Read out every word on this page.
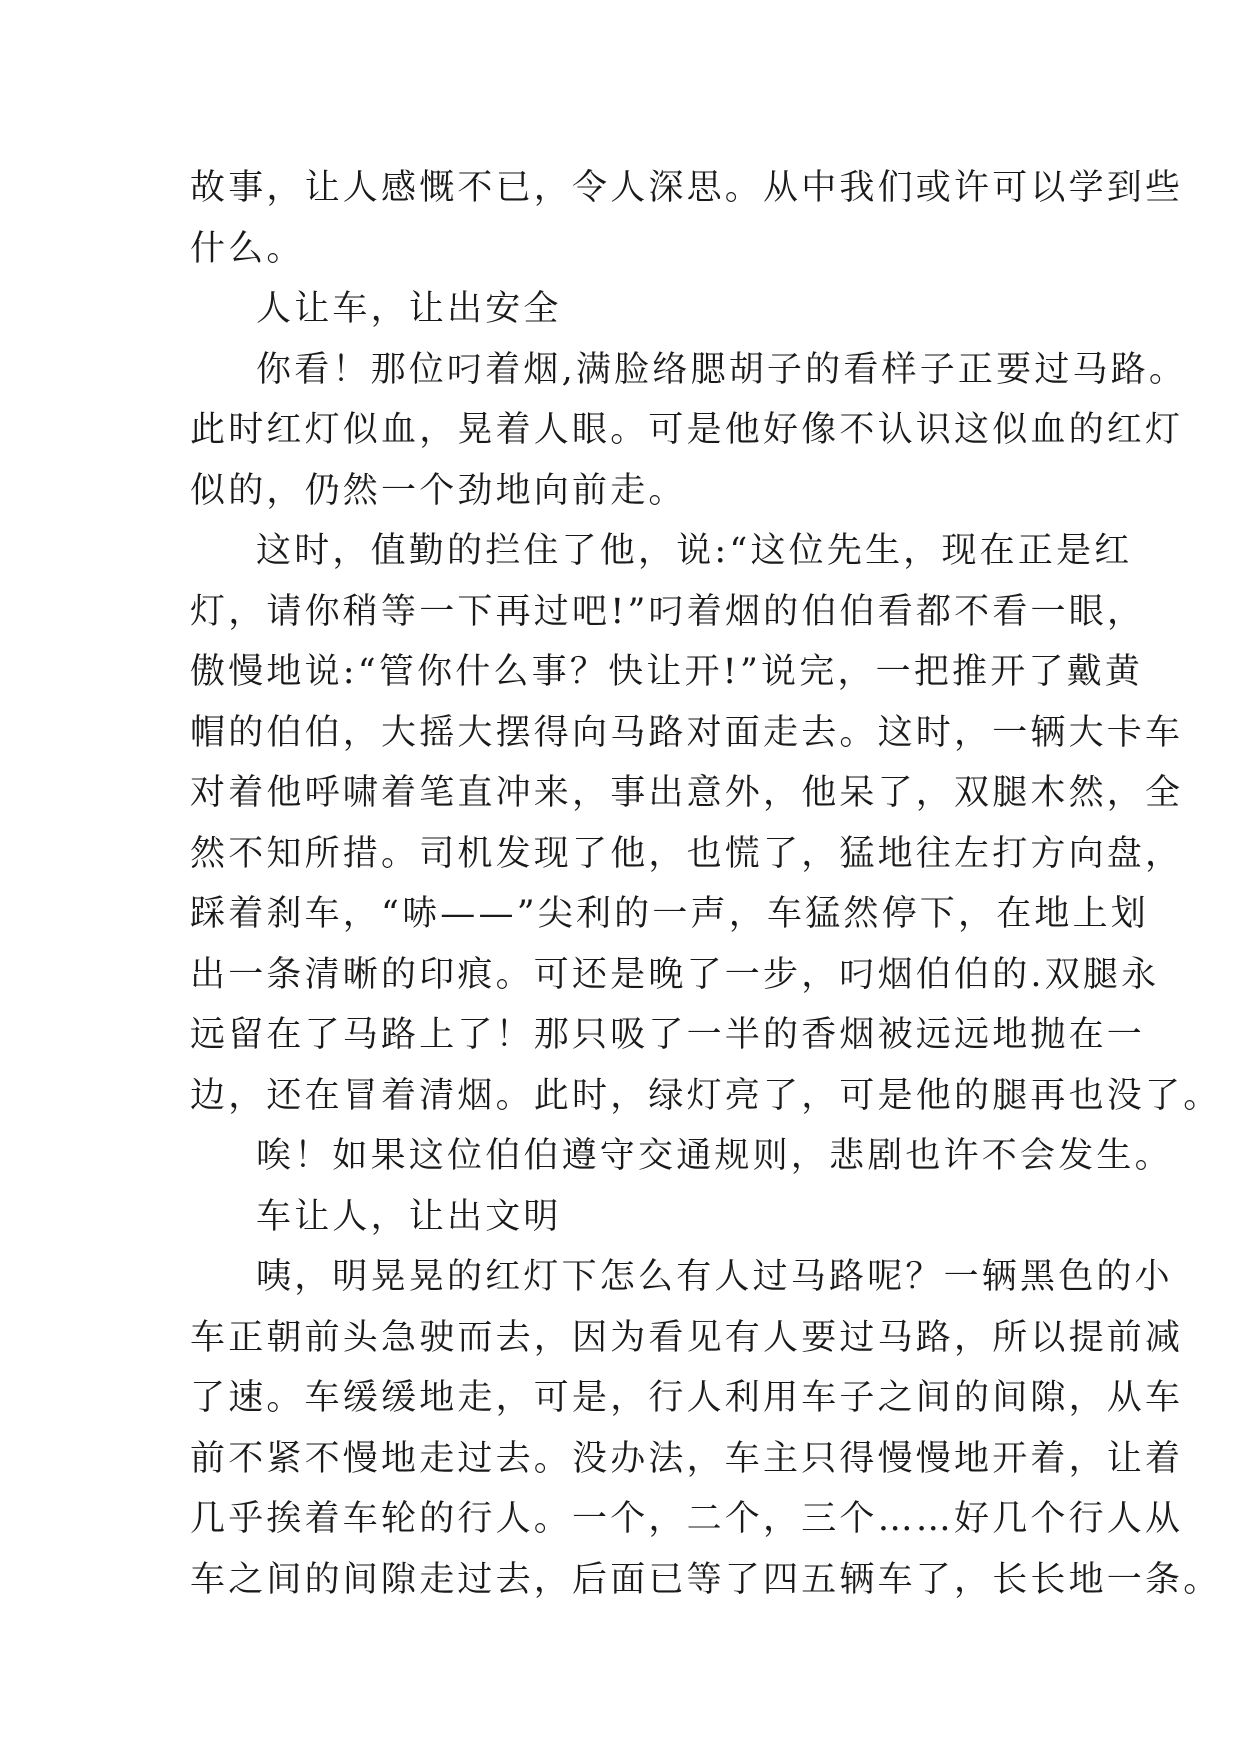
故事，让人感慨不已，令人深思。从中我们或许可以学到些
什么。
人让车，让出安全
你看！那位叼着烟,满脸络腮胡子的看样子正要过马路。
此时红灯似血，晃着人眼。可是他好像不认识这似血的红灯
似的，仍然一个劲地向前走。
这时，值勤的拦住了他，说:“这位先生，现在正是红
灯，请你稍等一下再过吧!”叼着烟的伯伯看都不看一眼，
傲慢地说:“管你什么事？快让开!”说完，一把推开了戴黄
帽的伯伯，大摇大摆得向马路对面走去。这时，一辆大卡车
对着他呼啸着笔直冲来，事出意外，他呆了，双腿木然，全
然不知所措。司机发现了他，也慌了，猛地往左打方向盘，
踩着刹车，“哧——”尖利的一声，车猛然停下，在地上划
出一条清晰的印痕。可还是晚了一步，叼烟伯伯的.双腿永
远留在了马路上了！那只吸了一半的香烟被远远地抛在一
边，还在冒着清烟。此时，绿灯亮了，可是他的腿再也没了。
唉！如果这位伯伯遵守交通规则，悲剧也许不会发生。
车让人，让出文明
咦，明晃晃的红灯下怎么有人过马路呢？一辆黑色的小
车正朝前头急驶而去，因为看见有人要过马路，所以提前减
了速。车缓缓地走，可是，行人利用车子之间的间隙，从车
前不紧不慢地走过去。没办法，车主只得慢慢地开着，让着
几乎挨着车轮的行人。一个，二个，三个……好几个行人从
车之间的间隙走过去，后面已等了四五辆车了，长长地一条。
